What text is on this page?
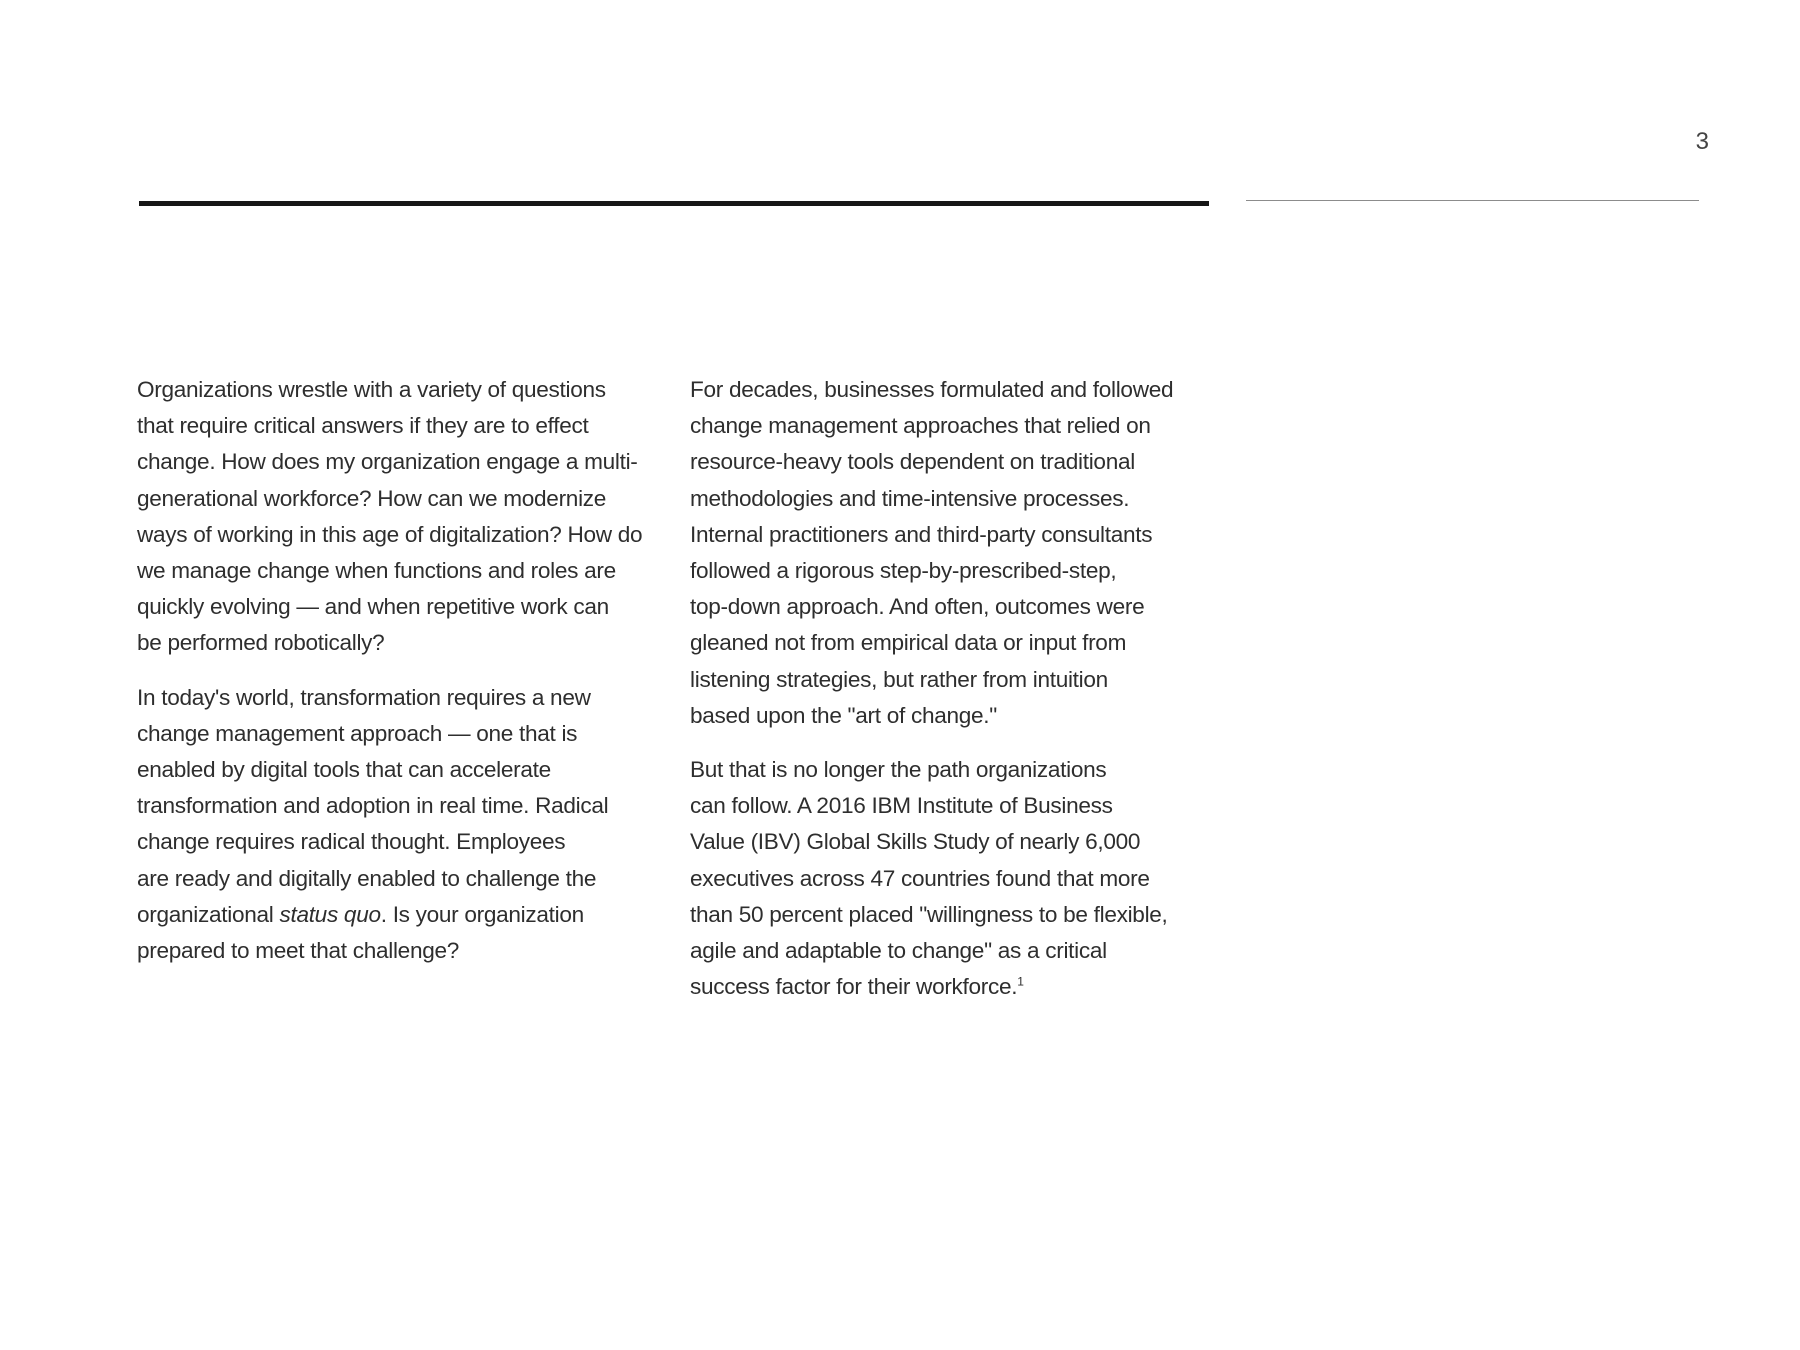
3

Organizations wrestle with a variety of questions
that require critical answers if they are to effect
change. How does my organization engage a multi-
generational workforce? How can we modernize
ways of working in this age of digitalization? How do
we manage change when functions and roles are
quickly evolving — and when repetitive work can
be performed robotically?

In today's world, transformation requires a new
change management approach — one that is
enabled by digital tools that can accelerate
transformation and adoption in real time. Radical
change requires radical thought. Employees
are ready and digitally enabled to challenge the
organizational status quo. Is your organization
prepared to meet that challenge?

For decades, businesses formulated and followed
change management approaches that relied on
resource-heavy tools dependent on traditional
methodologies and time-intensive processes.
Internal practitioners and third-party consultants
followed a rigorous step-by-prescribed-step,
top-down approach. And often, outcomes were
gleaned not from empirical data or input from
listening strategies, but rather from intuition
based upon the "art of change."

But that is no longer the path organizations
can follow. A 2016 IBM Institute of Business
Value (IBV) Global Skills Study of nearly 6,000
executives across 47 countries found that more
than 50 percent placed "willingness to be flexible,
agile and adaptable to change" as a critical
success factor for their workforce.$^1$
